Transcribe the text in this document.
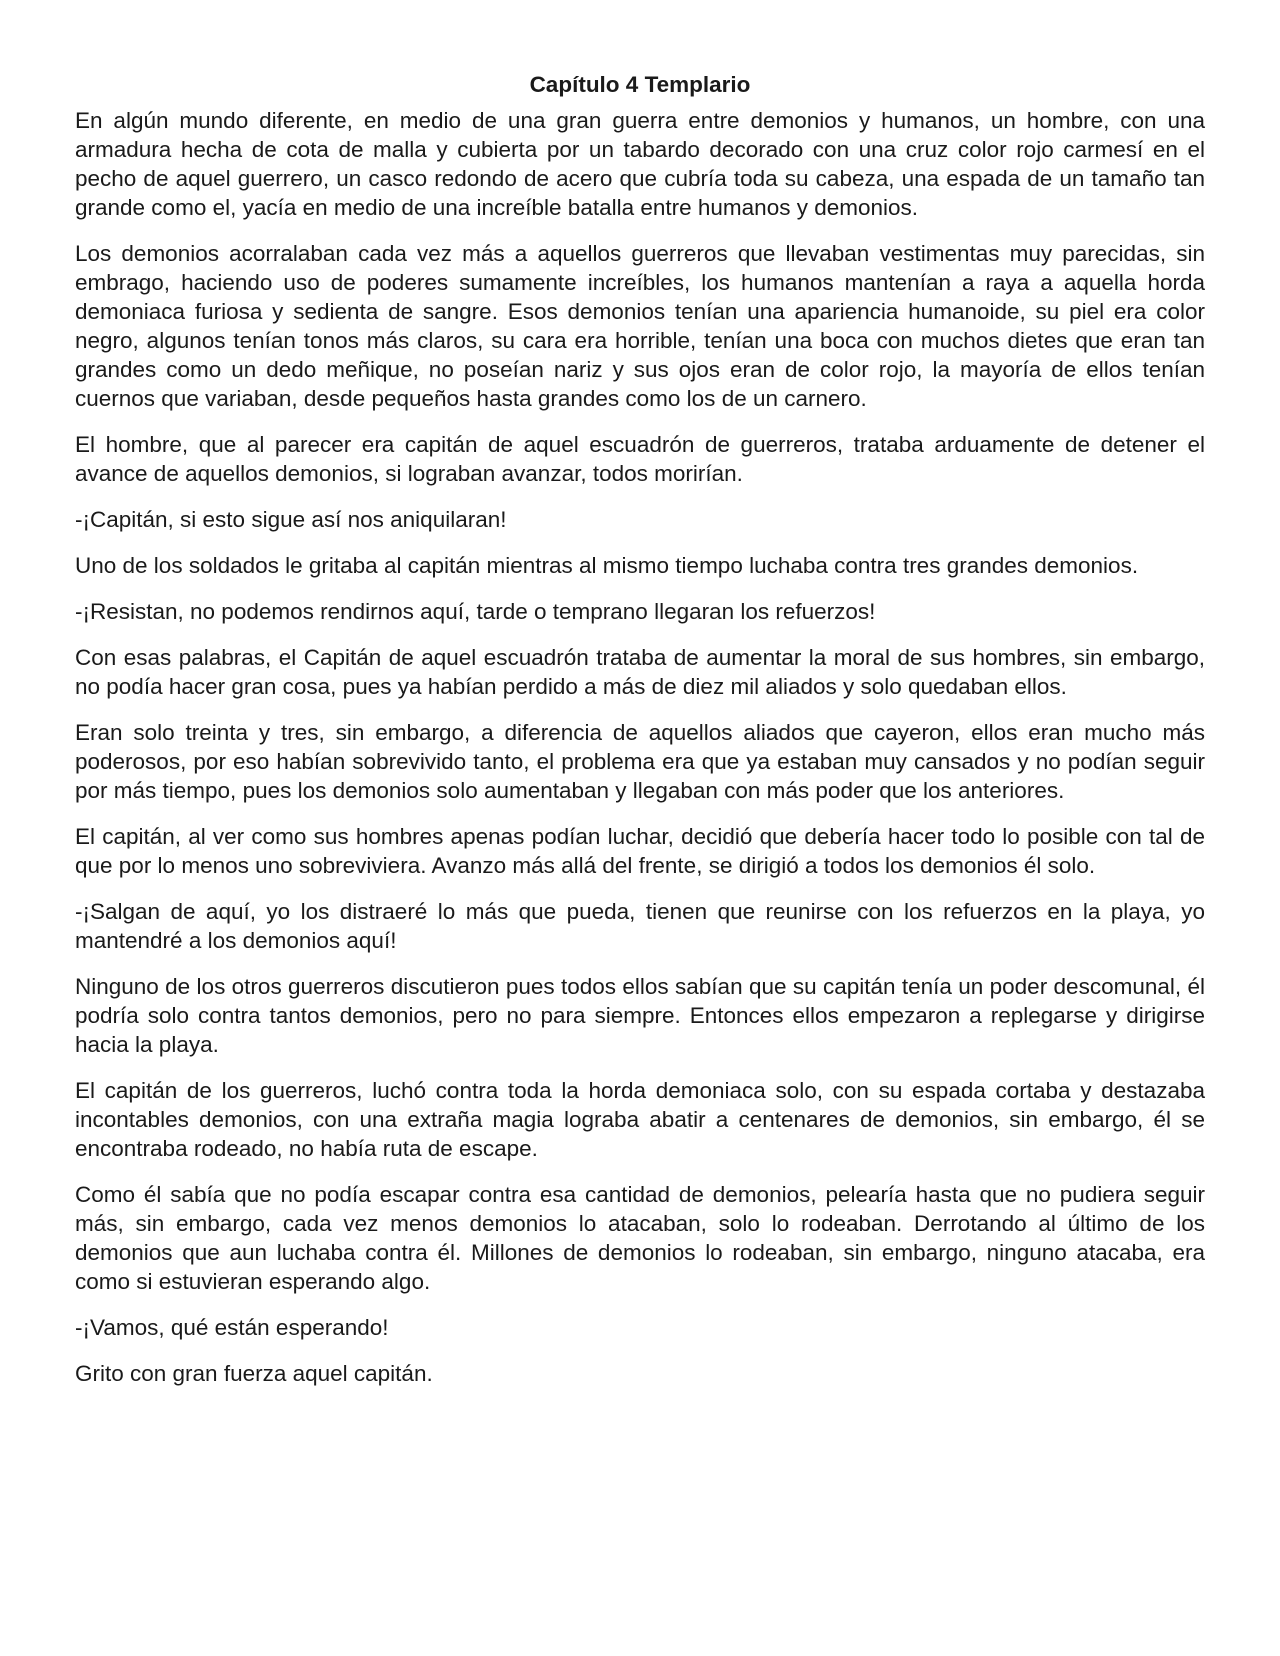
Capítulo 4 Templario

En algún mundo diferente, en medio de una gran guerra entre demonios y humanos, un hombre, con una armadura hecha de cota de malla y cubierta por un tabardo decorado con una cruz color rojo carmesí en el pecho de aquel guerrero, un casco redondo de acero que cubría toda su cabeza, una espada de un tamaño tan grande como el, yacía en medio de una increíble batalla entre humanos y demonios.

Los demonios acorralaban cada vez más a aquellos guerreros que llevaban vestimentas muy parecidas, sin embrago, haciendo uso de poderes sumamente increíbles, los humanos mantenían a raya a aquella horda demoniaca furiosa y sedienta de sangre. Esos demonios tenían una apariencia humanoide, su piel era color negro, algunos tenían tonos más claros, su cara era horrible, tenían una boca con muchos dietes que eran tan grandes como un dedo meñique, no poseían nariz y sus ojos eran de color rojo, la mayoría de ellos tenían cuernos que variaban, desde pequeños hasta grandes como los de un carnero.

El hombre, que al parecer era capitán de aquel escuadrón de guerreros, trataba arduamente de detener el avance de aquellos demonios, si lograban avanzar, todos morirían.

-¡Capitán, si esto sigue así nos aniquilaran!

Uno de los soldados le gritaba al capitán mientras al mismo tiempo luchaba contra tres grandes demonios.

-¡Resistan, no podemos rendirnos aquí, tarde o temprano llegaran los refuerzos!

Con esas palabras, el Capitán de aquel escuadrón trataba de aumentar la moral de sus hombres, sin embargo, no podía hacer gran cosa, pues ya habían perdido a más de diez mil aliados y solo quedaban ellos.

Eran solo treinta y tres, sin embargo, a diferencia de aquellos aliados que cayeron, ellos eran mucho más poderosos, por eso habían sobrevivido tanto, el problema era que ya estaban muy cansados y no podían seguir por más tiempo, pues los demonios solo aumentaban y llegaban con más poder que los anteriores.

El capitán, al ver como sus hombres apenas podían luchar, decidió que debería hacer todo lo posible con tal de que por lo menos uno sobreviviera. Avanzo más allá del frente, se dirigió a todos los demonios él solo.

-¡Salgan de aquí, yo los distraeré lo más que pueda, tienen que reunirse con los refuerzos en la playa, yo mantendré a los demonios aquí!

Ninguno de los otros guerreros discutieron pues todos ellos sabían que su capitán tenía un poder descomunal, él podría solo contra tantos demonios, pero no para siempre. Entonces ellos empezaron a replegarse y dirigirse hacia la playa.

El capitán de los guerreros, luchó contra toda la horda demoniaca solo, con su espada cortaba y destazaba incontables demonios, con una extraña magia lograba abatir a centenares de demonios, sin embargo, él se encontraba rodeado, no había ruta de escape.

Como él sabía que no podía escapar contra esa cantidad de demonios, pelearía hasta que no pudiera seguir más, sin embargo, cada vez menos demonios lo atacaban, solo lo rodeaban. Derrotando al último de los demonios que aun luchaba contra él. Millones de demonios lo rodeaban, sin embargo, ninguno atacaba, era como si estuvieran esperando algo.

-¡Vamos, qué están esperando!

Grito con gran fuerza aquel capitán.
